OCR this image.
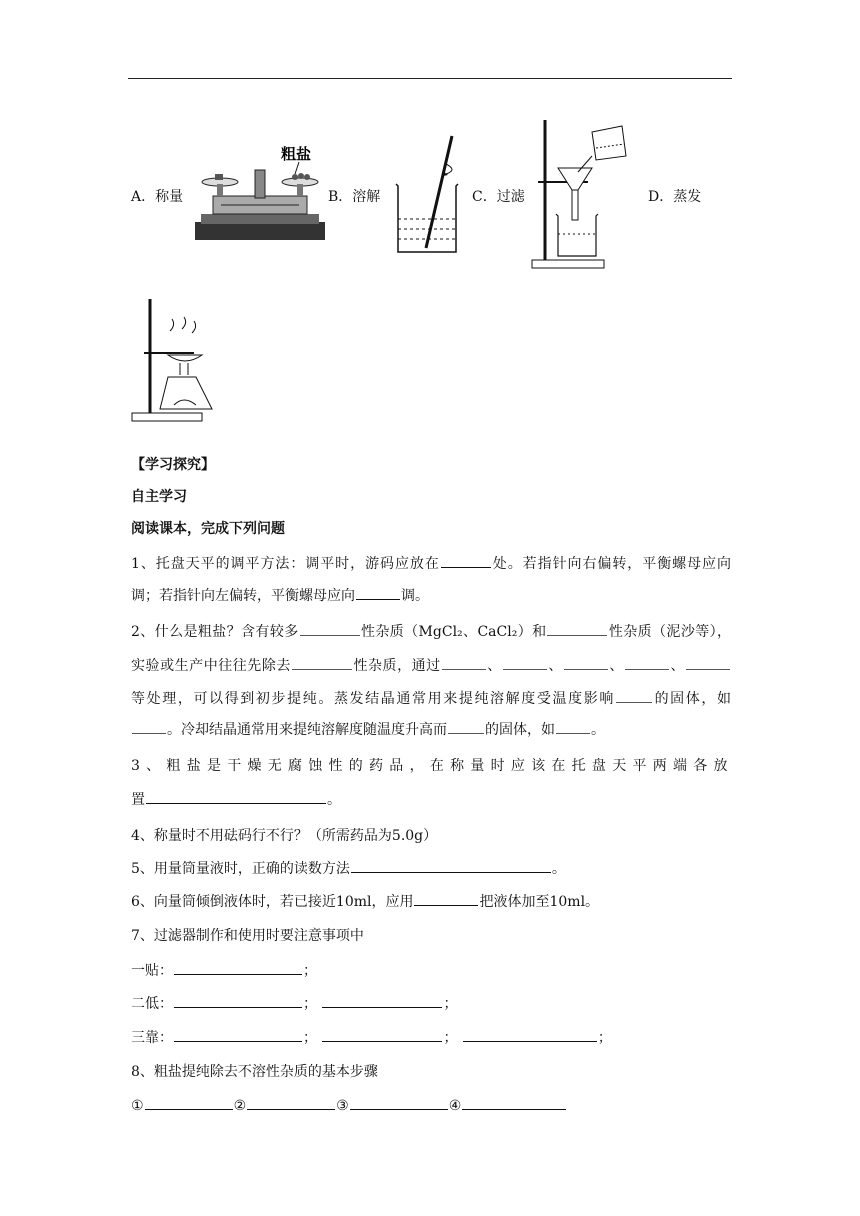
A．称量
粗盐
B．溶解	C．过滤	D．蒸发
【学习探究】
自主学习
阅读课本，完成下列问题
1、托盘天平的调平方法：调平时，游码应放在	处。若指针向右偏转，平衡螺母应向
调；若指针向左偏转，平衡螺母应向	调。
2、什么是粗盐？含有较多	性杂质（MgCl₂、CaCl₂）和	性杂质（泥沙等），
实验或生产中往往先除去	性杂质，通过	、	、	、	、
等处理，可以得到初步提纯。蒸发结晶通常用来提纯溶解度受温度影响	的固体，如
。冷却结晶通常用来提纯溶解度随温度升高而	的固体，如	。
3、粗盐是干燥无腐蚀性的药品，在称量时应该在托盘天平两端各放
置	。
4、称量时不用砝码行不行？（所需药品为5.0g）
5、用量筒量液时，正确的读数方法	。
6、向量筒倾倒液体时，若已接近10ml，应用	把液体加至10ml。
7、过滤器制作和使用时要注意事项中
一贴：	；
二低：	；	；
三靠：	；	；	；
8、粗盐提纯除去不溶性杂质的基本步骤
①	②	③	④
